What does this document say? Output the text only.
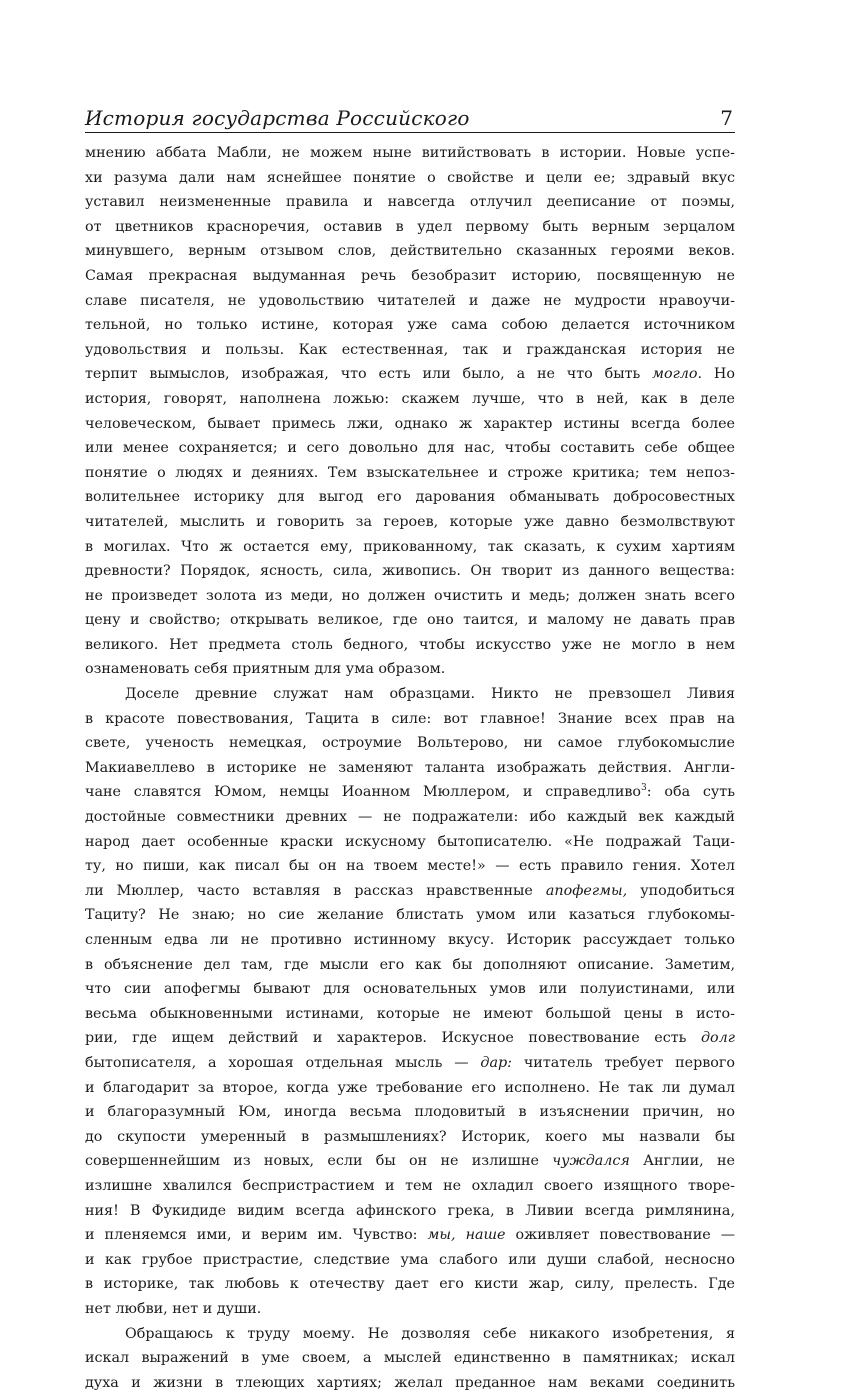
История государства Российского	7
мнению аббата Мабли, не можем ныне витийствовать в истории. Новые успе-
хи разума дали нам яснейшее понятие о свойстве и цели ее; здравый вкус
уставил неизмененные правила и навсегда отлучил дееписание от поэмы,
от цветников красноречия, оставив в удел первому быть верным зерцалом
минувшего, верным отзывом слов, действительно сказанных героями веков.
Самая прекрасная выдуманная речь безобразит историю, посвященную не
славе писателя, не удовольствию читателей и даже не мудрости нравоучи-
тельной, но только истине, которая уже сама собою делается источником
удовольствия и пользы. Как естественная, так и гражданская история не
терпит вымыслов, изображая, что есть или было, а не что быть могло. Но
история, говорят, наполнена ложью: скажем лучше, что в ней, как в деле
человеческом, бывает примесь лжи, однако ж характер истины всегда более
или менее сохраняется; и сего довольно для нас, чтобы составить себе общее
понятие о людях и деяниях. Тем взыскательнее и строже критика; тем непоз-
волительнее историку для выгод его дарования обманывать добросовестных
читателей, мыслить и говорить за героев, которые уже давно безмолвствуют
в могилах. Что ж остается ему, прикованному, так сказать, к сухим хартиям
древности? Порядок, ясность, сила, живопись. Он творит из данного вещества:
не произведет золота из меди, но должен очистить и медь; должен знать всего
цену и свойство; открывать великое, где оно таится, и малому не давать прав
великого. Нет предмета столь бедного, чтобы искусство уже не могло в нем
ознаменовать себя приятным для ума образом.
Доселе древние служат нам образцами. Никто не превзошел Ливия
в красоте повествования, Тацита в силе: вот главное! Знание всех прав на
свете, ученость немецкая, остроумие Вольтерово, ни самое глубокомыслие
Макиавеллево в историке не заменяют таланта изображать действия. Англи-
чане славятся Юмом, немцы Иоанном Мюллером, и справедливо$^3$: оба суть
достойные совместники древних — не подражатели: ибо каждый век каждый
народ дает особенные краски искусному бытописателю. «Не подражай Таци-
ту, но пиши, как писал бы он на твоем месте!» — есть правило гения. Хотел
ли Мюллер, часто вставляя в рассказ нравственные апофегмы, уподобиться
Тациту? Не знаю; но сие желание блистать умом или казаться глубокомы-
сленным едва ли не противно истинному вкусу. Историк рассуждает только
в объяснение дел там, где мысли его как бы дополняют описание. Заметим,
что сии апофегмы бывают для основательных умов или полуистинами, или
весьма обыкновенными истинами, которые не имеют большой цены в исто-
рии, где ищем действий и характеров. Искусное повествование есть долг
бытописателя, а хорошая отдельная мысль — дар: читатель требует первого
и благодарит за второе, когда уже требование его исполнено. Не так ли думал
и благоразумный Юм, иногда весьма плодовитый в изъяснении причин, но
до скупости умеренный в размышлениях? Историк, коего мы назвали бы
совершеннейшим из новых, если бы он не излишне чуждался Англии, не
излишне хвалился беспристрастием и тем не охладил своего изящного творе-
ния! В Фукидиде видим всегда афинского грека, в Ливии всегда римлянина,
и пленяемся ими, и верим им. Чувство: мы, наше оживляет повествование —
и как грубое пристрастие, следствие ума слабого или души слабой, несносно
в историке, так любовь к отечеству дает его кисти жар, силу, прелесть. Где
нет любви, нет и души.
Обращаюсь к труду моему. Не дозволяя себе никакого изобретения, я
искал выражений в уме своем, а мыслей единственно в памятниках; искал
духа и жизни в тлеющих хартиях; желал преданное нам веками соединить
